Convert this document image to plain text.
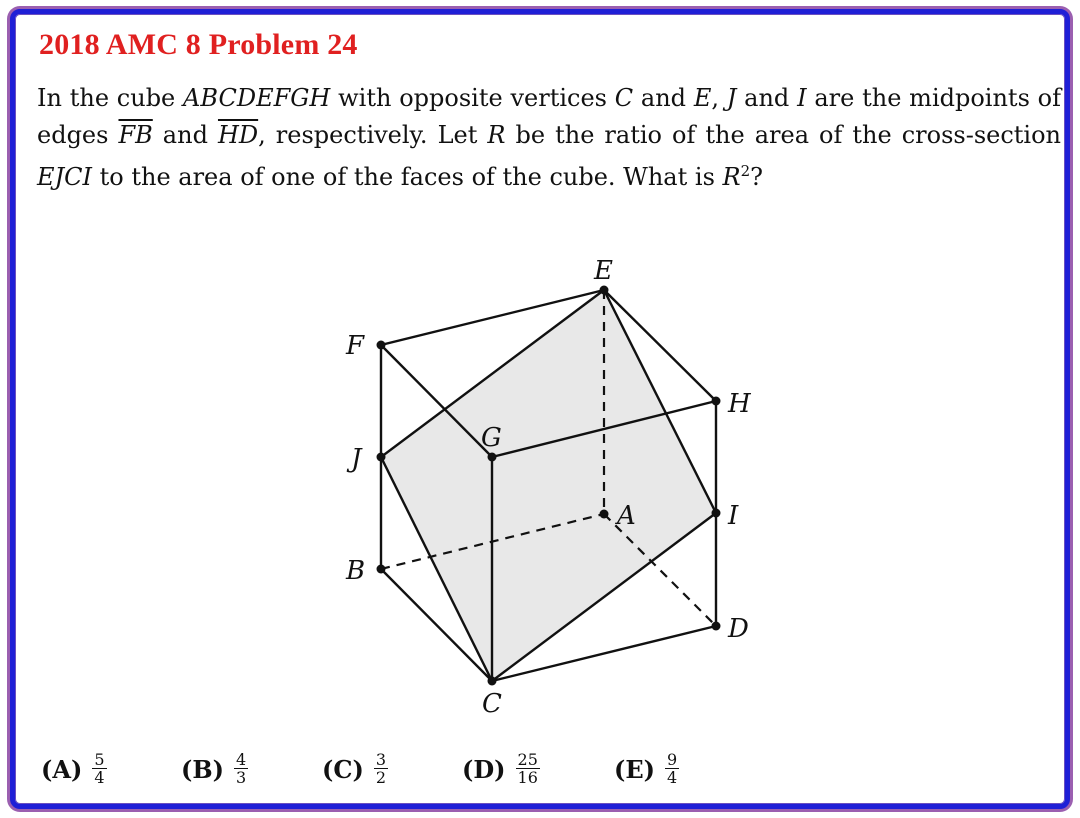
2018 AMC 8 Problem 24
In the cube ABCDEFGH with opposite vertices C and E, J and I are the midpoints of edges $\overline{FB}$ and $\overline{HD}$, respectively. Let R be the ratio of the area of the cross-section EJCI to the area of one of the faces of the cube. What is $R^2$?
E
F
H
G
J
A	I
B
D
C
$(A) \frac{5}{4}$	$(B) \frac{4}{3}$	$(C) \frac{3}{2}$	$(D) \frac{25}{16}$	$(E) \frac{9}{4}$
